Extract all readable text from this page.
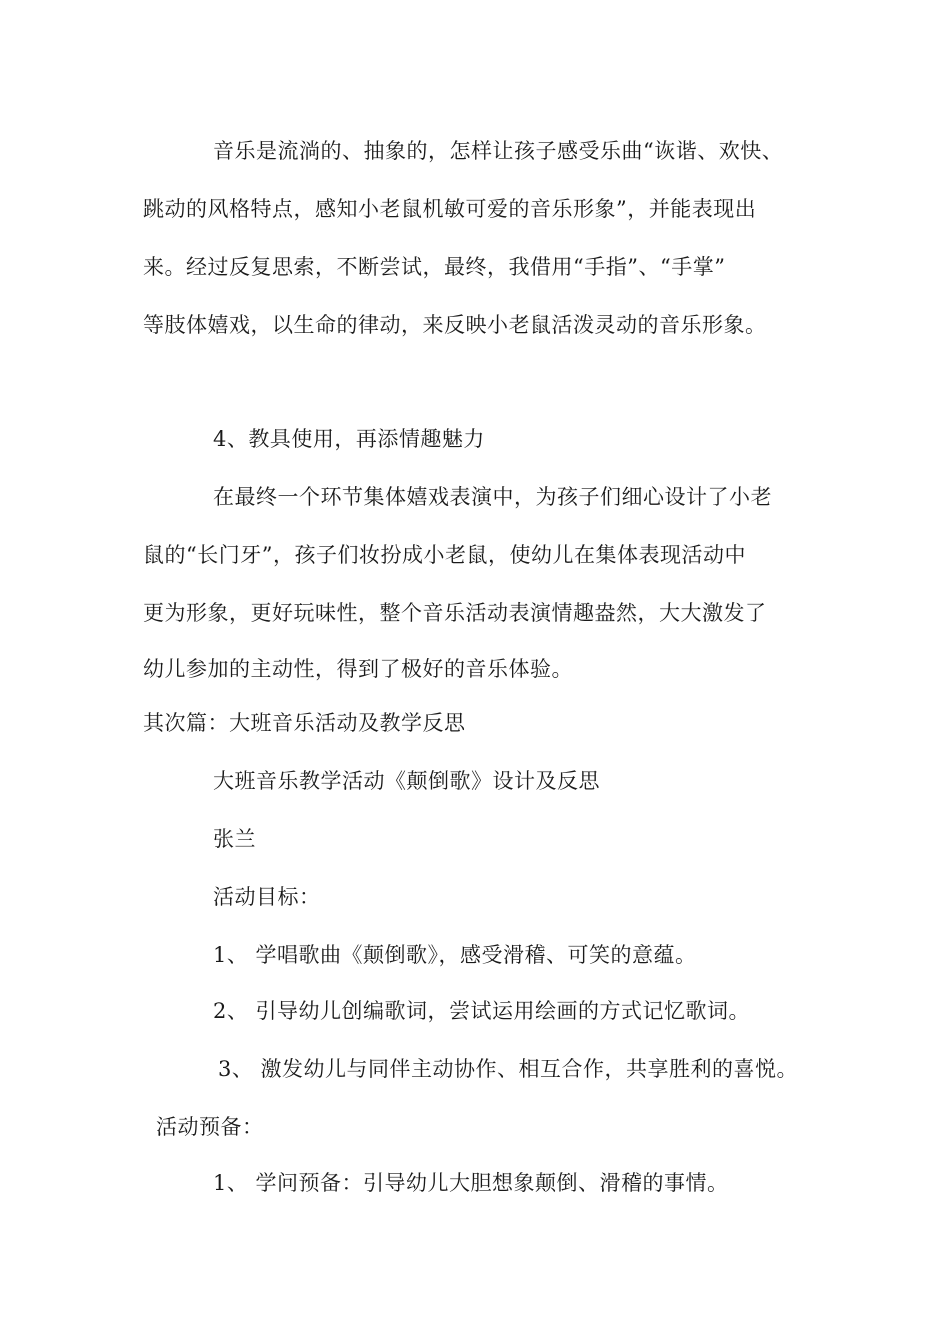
音乐是流淌的、抽象的，怎样让孩子感受乐曲“诙谐、欢快、
跳动的风格特点，感知小老鼠机敏可爱的音乐形象”，并能表现出
来。经过反复思索，不断尝试，最终，我借用“手指”、“手掌”
等肢体嬉戏，以生命的律动，来反映小老鼠活泼灵动的音乐形象。
4、教具使用，再添情趣魅力
在最终一个环节集体嬉戏表演中，为孩子们细心设计了小老
鼠的“长门牙”，孩子们妆扮成小老鼠，使幼儿在集体表现活动中
更为形象，更好玩味性，整个音乐活动表演情趣盎然，大大激发了
幼儿参加的主动性，得到了极好的音乐体验。
其次篇：大班音乐活动及教学反思
大班音乐教学活动《颠倒歌》设计及反思
张兰
活动目标：
1、 学唱歌曲《颠倒歌》，感受滑稽、可笑的意蕴。
2、 引导幼儿创编歌词，尝试运用绘画的方式记忆歌词。
3、 激发幼儿与同伴主动协作、相互合作，共享胜利的喜悦。
活动预备：
1、 学问预备：引导幼儿大胆想象颠倒、滑稽的事情。
